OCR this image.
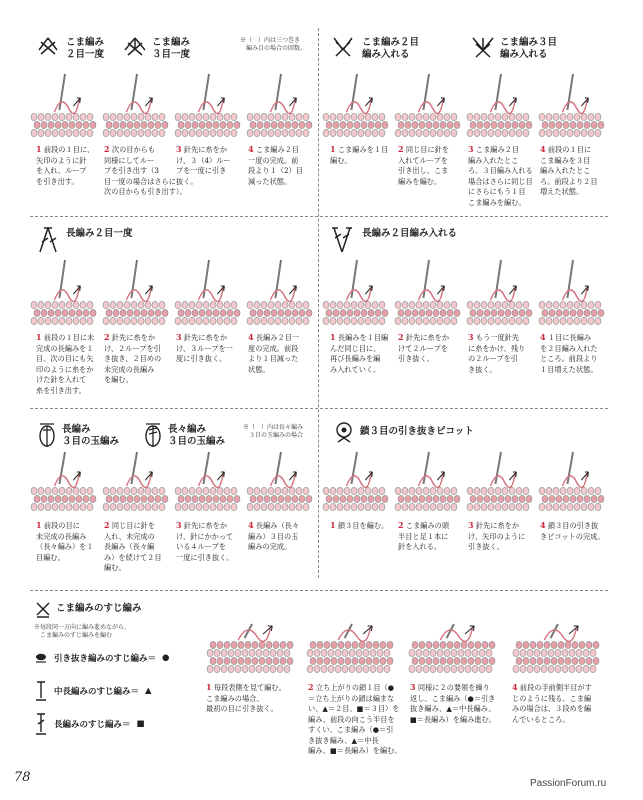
こま編み
２目一度
こま編み
３目一度
※（　）内は三つ巻き
　編み目の場合の回数。
こま編み２目
編み入れる
こま編み３目
編み入れる
長編み２目一度	長編み２目編み入れる
長編み
３目の玉編み
長々編み
３目の玉編み
※（　）内は長々編み
　３目の玉編みの場合	鎖３目の引き抜きピコット
こま編みのすじ編み
※毎段同一方向に編み進めながら、
　こま編みのすじ編みを編む
引き抜き編みのすじ編み＝ ●
中長編みのすじ編み＝ ▲
長編みのすじ編み＝ ■
1 前段の１目に、
矢印のように針
を入れ、ループ
を引き出す。
2 次の目からも
同様にしてルー
プを引き出す（3
目一度の場合はさらに
次の目からも引き出す）。
3 針先に糸をか
け、３（4）ルー
プを一度に引き
抜く。
4 こま編み２目
一度の完成。前
段より１（2）目
減った状態。
1 こま編みを１目
編む。
2 同じ目に針を
入れてループを
引き出し、こま
編みを編む。
3 こま編み２目
編み入れたとこ
ろ。３目編み入れる
場合はさらに同じ目
にさらにもう１目
こま編みを編む。
4 前段の１目に
こま編みを３目
編み入れたとこ
ろ。前段より２目
増えた状態。
1 前段の１目に未
完成の長編みを１
目、次の目にも矢
印のように糸をか
けた針を入れて
糸を引き出す。
2 針先に糸をか
け、２ループを引
き抜き、２目めの
未完成の長編み
を編む。
3 針先に糸をか
け、３ループを一
度に引き抜く。
4 長編み２目一
度の完成。前段
より１目減った
状態。
1 長編みを１目編
んだ同じ目に、
再び長編みを編
み入れていく。
2 針先に糸をか
けて２ループを
引き抜く。
3 もう一度針先
に糸をかけ、残り
の２ループを引
き抜く。
4 １目に長編み
を２目編み入れた
ところ。前段より
１目増えた状態。
1 前段の目に
未完成の長編み
（長々編み）を１
目編む。
2 同じ目に針を
入れ、未完成の
長編み（長々編
み）を続けて２目
編む。
3 針先に糸をか
け、針にかかって
いる４ループを
一度に引き抜く。
4 長編み（長々
編み）３目の玉
編みの完成。
1 鎖３目を編む。 2 こま編みの頭
半目と足１本に
針を入れる。
3 針先に糸をか
け、矢印のように
引き抜く。
4 鎖３目の引き抜
きピコットの完成。
1 毎段表側を見て編む。
こま編みの場合、
最初の目に引き抜く。
2 立ち上がりの鎖１目（●
＝立ち上がりの鎖は編まな
い、▲＝２目、■＝３目）を
編み、前段の向こう半目を
すくい、こま編み（●＝引
き抜き編み、▲＝中長
編み、■＝長編み）を編む。
3 同様に２の要領を繰り
返し、こま編み（●＝引き
抜き編み、▲＝中長編み、
■＝長編み）を編み進む。
4 前段の手前側半目がす
じのように残る。こま編
みの場合は、３段めを編
んでいるところ。
78	PassionForum.ru
